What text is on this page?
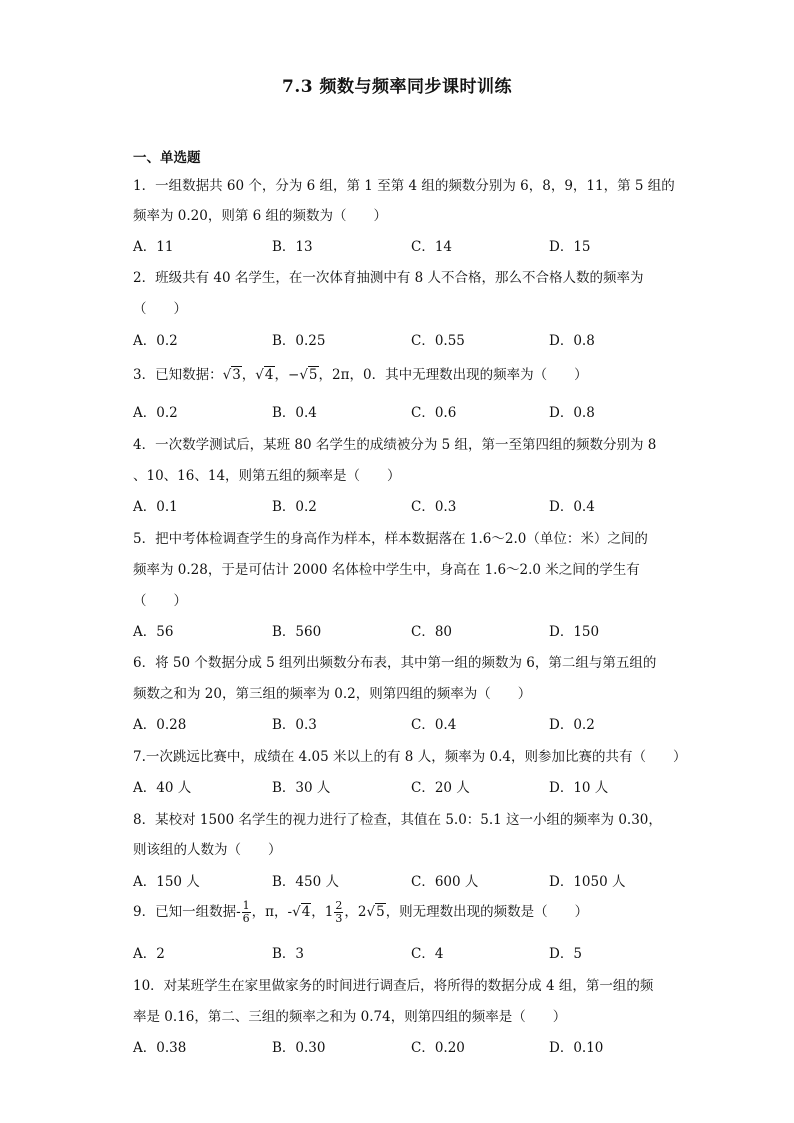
7.3 频数与频率同步课时训练
一、单选题
1．一组数据共 60 个，分为 6 组，第 1 至第 4 组的频数分别为 6，8，9，11，第 5 组的
频率为 0.20，则第 6 组的频数为（　　）
A．11	B．13	C．14	D．15
2．班级共有 40 名学生，在一次体育抽测中有 8 人不合格，那么不合格人数的频率为
（　　）
A．0.2	B．0.25	C．0.55	D．0.8
3．已知数据：√3，√4，−√5，2π，0．其中无理数出现的频率为（　　）
A．0.2	B．0.4	C．0.6	D．0.8
4．一次数学测试后，某班 80 名学生的成绩被分为 5 组，第一至第四组的频数分别为 8
、10、16、14，则第五组的频率是（　　）
A．0.1	B．0.2	C．0.3	D．0.4
5．把中考体检调查学生的身高作为样本，样本数据落在 1.6～2.0（单位：米）之间的
频率为 0.28，于是可估计 2000 名体检中学生中，身高在 1.6～2.0 米之间的学生有
（　　）
A．56	B．560	C．80	D．150
6．将 50 个数据分成 5 组列出频数分布表，其中第一组的频数为 6，第二组与第五组的
频数之和为 20，第三组的频率为 0.2，则第四组的频率为（　　）
A．0.28	B．0.3	C．0.4	D．0.2
7.一次跳远比赛中，成绩在 4.05 米以上的有 8 人，频率为 0.4，则参加比赛的共有（　　）
A．40 人	B．30 人	C．20 人	D．10 人
8．某校对 1500 名学生的视力进行了检查，其值在 5.0：5.1 这一小组的频率为 0.30，
则该组的人数为（　　）
A．150 人	B．450 人	C．600 人	D．1050 人
9．已知一组数据- $\frac{1}{6}$ ，π，-√4，$1 \frac{2}{3}$ ，2√5，则无理数出现的频数是（　　）
A．2	B．3	C．4	D．5
10．对某班学生在家里做家务的时间进行调查后，将所得的数据分成 4 组，第一组的频
率是 0.16，第二、三组的频率之和为 0.74，则第四组的频率是（　　）
A．0.38	B．0.30	C．0.20	D．0.10
